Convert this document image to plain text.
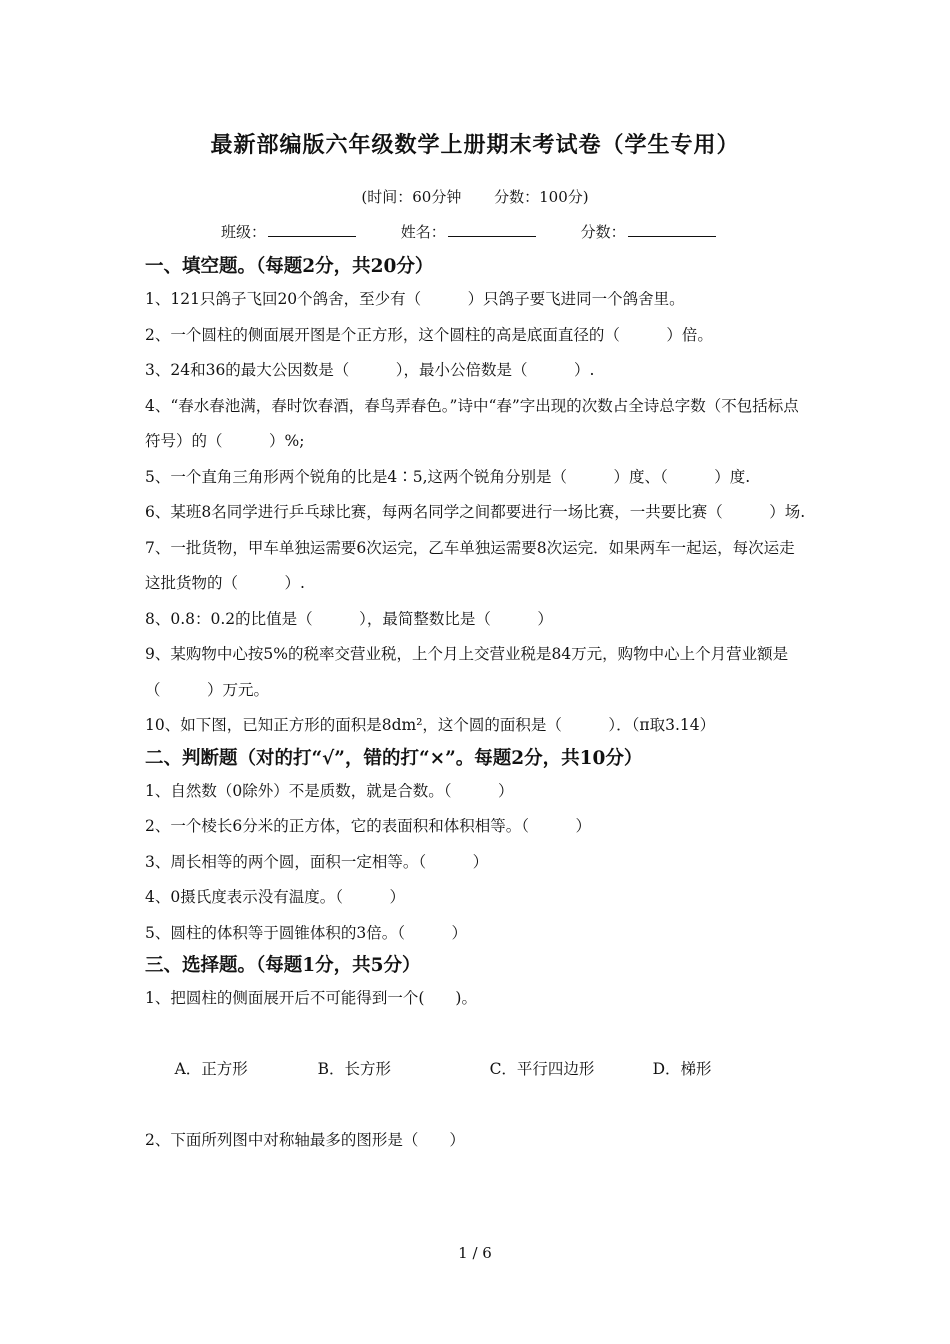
最新部编版六年级数学上册期末考试卷（学生专用）
(时间：60分钟 分数：100分)
班级：	姓名：	分数：
一、填空题。（每题2分，共20分）
1、121只鸽子飞回20个鸽舍，至少有（　　　）只鸽子要飞进同一个鸽舍里。
2、一个圆柱的侧面展开图是个正方形，这个圆柱的高是底面直径的（　　　）倍。
3、24和36的最大公因数是（　　　），最小公倍数是（　　　）.
4、“春水春池满，春时饮春酒，春鸟弄春色。”诗中“春”字出现的次数占全诗总字数（不包括标点符号）的（　　　）%;
5、一个直角三角形两个锐角的比是4∶5,这两个锐角分别是（　　　）度、（　　　）度.
6、某班8名同学进行乒乓球比赛，每两名同学之间都要进行一场比赛，一共要比赛（　　　）场.
7、一批货物，甲车单独运需要6次运完，乙车单独运需要8次运完．如果两车一起运，每次运走这批货物的（　　　）.
8、0.8：0.2的比值是（　　　），最简整数比是（　　　）
9、某购物中心按5%的税率交营业税，上个月上交营业税是84万元，购物中心上个月营业额是（　　　）万元。
10、如下图，已知正方形的面积是8dm²，这个圆的面积是（　　　）．（π取3.14）
二、判断题（对的打“√”，错的打“×”。每题2分，共10分）
1、自然数（0除外）不是质数，就是合数。（　　　）
2、一个棱长6分米的正方体，它的表面积和体积相等。（　　　）
3、周长相等的两个圆，面积一定相等。（　　　）
4、0摄氏度表示没有温度。（　　　）
5、圆柱的体积等于圆锥体积的3倍。（　　　）
三、选择题。（每题1分，共5分）
1、把圆柱的侧面展开后不可能得到一个(　　)。

A．正方形	B．长方形	C．平行四边形	D．梯形

2、下面所列图中对称轴最多的图形是（　　）
1 / 6
